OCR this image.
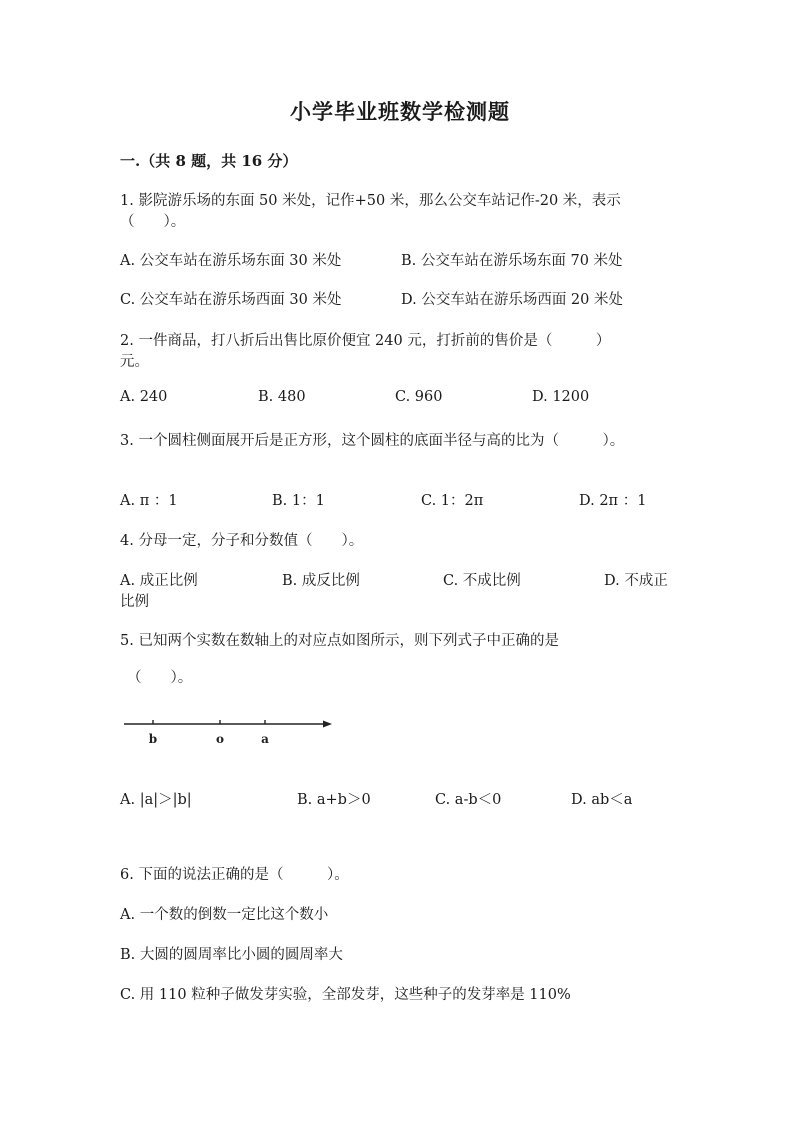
小学毕业班数学检测题
一.（共 8 题，共 16 分）
1. 影院游乐场的东面 50 米处，记作+50 米，那么公交车站记作-20 米，表示
（　　）。
A. 公交车站在游乐场东面 30 米处	B. 公交车站在游乐场东面 70 米处
C. 公交车站在游乐场西面 30 米处	D. 公交车站在游乐场西面 20 米处
2. 一件商品，打八折后出售比原价便宜 240 元，打折前的售价是（　　　）
元。
A. 240	B. 480	C. 960	D. 1200
3. 一个圆柱侧面展开后是正方形，这个圆柱的底面半径与高的比为（　　　）。
A. π ：1	B. 1：1	C. 1：2π	D. 2π ：1
4. 分母一定，分子和分数值（　　）。
A. 成正比例	B. 成反比例	C. 不成比例	D. 不成正
比例
5. 已知两个实数在数轴上的对应点如图所示，则下列式子中正确的是
（　　）。
b	o	a
A. |a|＞|b|	B. a+b＞0	C. a-b＜0	D. ab＜a
6. 下面的说法正确的是（　　　）。
A. 一个数的倒数一定比这个数小
B. 大圆的圆周率比小圆的圆周率大
C. 用 110 粒种子做发芽实验，全部发芽，这些种子的发芽率是 110%
